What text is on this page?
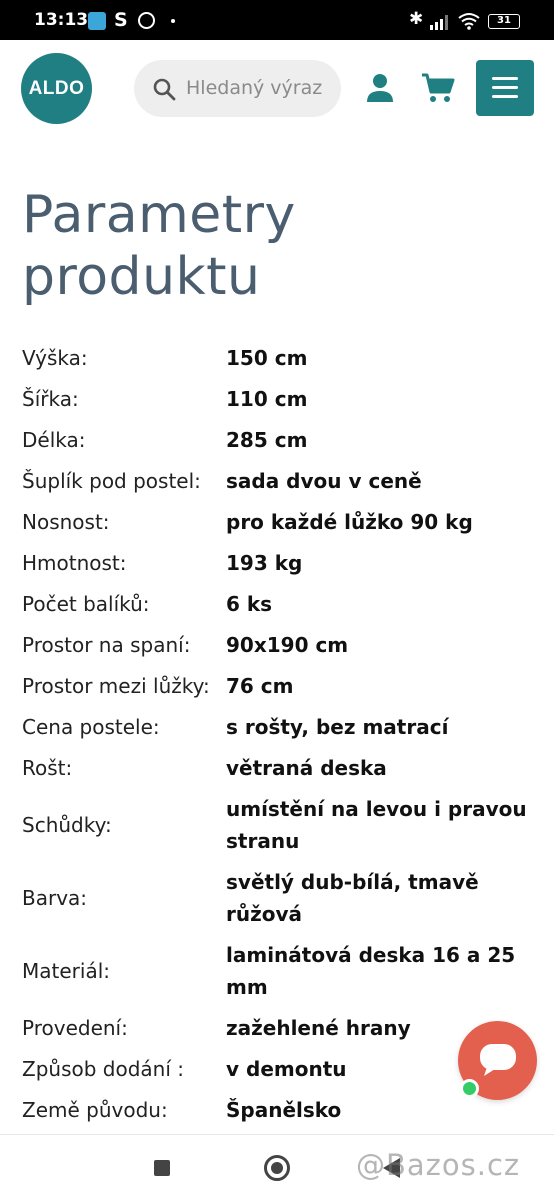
13:13 S	✱	31
ALDO
Hledaný výraz
Parametry
produktu
Výška:	150 cm
Šířka:	110 cm
Délka:	285 cm
Šuplík pod postel:	sada dvou v ceně
Nosnost:	pro každé lůžko 90 kg
Hmotnost:	193 kg
Počet balíků:	6 ks
Prostor na spaní:	90x190 cm
Prostor mezi lůžky:	76 cm
Cena postele:	s rošty, bez matrací
Rošt:	větraná deska
Schůdky:	umístění na levou i pravou stranu
Barva:	světlý dub-bílá, tmavě růžová
Materiál:	laminátová deska 16 a 25 mm
Provedení:	zažehlené hrany
Způsob dodání :	v demontu
Země původu:	Španělsko
@Bazos.cz
